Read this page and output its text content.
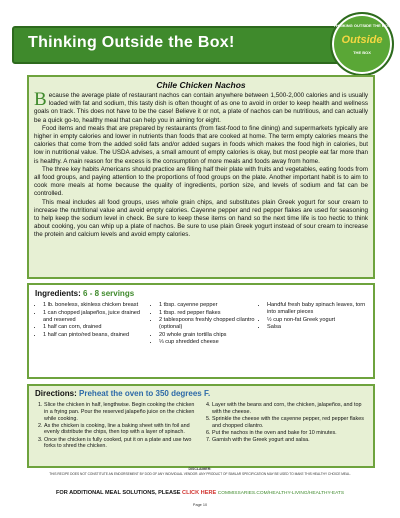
Thinking Outside the Box!
THINKING OUTSIDE THE BOX
Outside
THE BOX
Chile Chicken Nachos

Because the average plate of restaurant nachos can contain anywhere between 1,500-2,000 calories and is usually loaded with fat and sodium, this tasty dish is often thought of as one to avoid in order to keep health and wellness goals on track. This does not have to be the case! Believe it or not, a plate of nachos can be nutritious, and can actually be a quick go-to, healthy meal that can help you in aiming for eight.

Food items and meals that are prepared by restaurants (from fast-food to fine dining) and supermarkets typically are higher in empty calories and lower in nutrients than foods that are cooked at home. The term empty calories means the calories that come from the added solid fats and/or added sugars in foods which makes the food high in calories, but low in nutritional value. The USDA advises, a small amount of empty calories is okay, but most people eat far more than is healthy. A main reason for the excess is the consumption of more meals and foods away from home.

The three key habits Americans should practice are filling half their plate with fruits and vegetables, eating foods from all food groups, and paying attention to the proportions of food groups on the plate. Another important habit is to aim to cook more meals at home because the quality of ingredients, portion size, and levels of sodium and fat can be controlled.

This meal includes all food groups, uses whole grain chips, and substitutes plain Greek yogurt for sour cream to increase the nutritional value and avoid empty calories. Cayenne pepper and red pepper flakes are used for seasoning to help keep the sodium level in check. Be sure to keep these items on hand so the next time life is too hectic to think about cooking, you can whip up a plate of nachos. Be sure to use plain Greek yogurt instead of sour cream to increase the protein and calcium levels and avoid empty calories.

Ingredients: 6 - 8 servings
• 1 lb. boneless, skinless chicken breast
• 1 can chopped jalapeños, juice drained and reserved
• 1 half can corn, drained
• 1 half can pinto/red beans, drained
• 1 tbsp. cayenne pepper
• 1 tbsp. red pepper flakes
• 2 tablespoons freshly chopped cilantro (optional)
• 20 whole grain tortilla chips
• ⅓ cup shredded cheese
• Handful fresh baby spinach leaves, torn into smaller pieces
• ½ cup non-fat Greek yogurt
• Salsa
Directions: Preheat the oven to 350 degrees F.
1. Slice the chicken in half, lengthwise. Begin cooking the chicken in a frying pan. Pour the reserved jalapeño juice on the chicken while cooking.
2. As the chicken is cooking, line a baking sheet with tin foil and evenly distribute the chips, then top with a layer of spinach.
3. Once the chicken is fully cooked, put it on a plate and use two forks to shred the chicken.
4. Layer with the beans and corn, the chicken, jalapeños, and top with the cheese.
5. Sprinkle the cheese with the cayenne pepper, red pepper flakes and chopped cilantro.
6. Put the nachos in the oven and bake for 10 minutes.
7. Garnish with the Greek yogurt and salsa.
DISCLAIMER:
THIS RECIPE DOES NOT CONSTITUTE AN ENDORSEMENT BY DOD OF ANY INDIVIDUAL VENDOR. ANY PRODUCT OF SIMILAR SPECIFICATION MAY BE USED TO MAKE THIS HEALTHY CHOICE MEAL.
FOR ADDITIONAL MEAL SOLUTIONS, PLEASE CLICK HERE COMMISSARIES.COM/HEALTHY-LIVING/HEALTHY-EATS
Page 10
